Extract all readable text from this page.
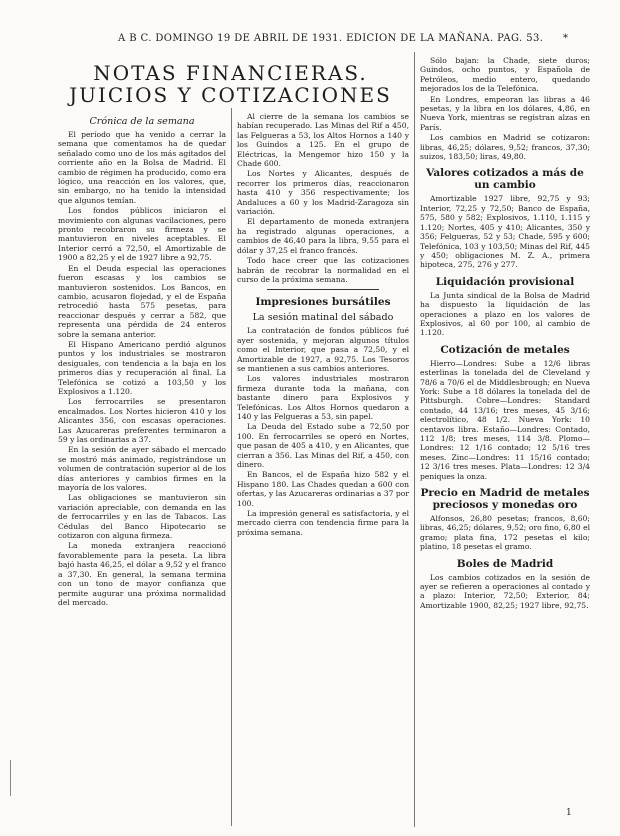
A B C. DOMINGO 19 DE ABRIL DE 1931. EDICION DE LA MAÑANA. PAG. 53. *
NOTAS FINANCIERAS. JUICIOS Y COTIZACIONES
Crónica de la semana

El período que ha venido a cerrar la semana que comentamos ha de quedar señalado como uno de los más agitados del corriente año en la Bolsa de Madrid. El cambio de régimen ha producido, como era lógico, una reacción en los valores, que, sin embargo, no ha tenido la intensidad que algunos temían.

Los fondos públicos iniciaron el movimiento con algunas vacilaciones, pero pronto recobraron su firmeza y se mantuvieron en niveles aceptables. El Interior cerró a 72,50, el Amortizable de 1900 a 82,25 y el de 1927 libre a 92,75.

En el Deuda especial las operaciones fueron escasas y los cambios se mantuvieron sostenidos. Los Bancos, en cambio, acusaron flojedad, y el de España retrocedió hasta 575 pesetas, para reaccionar después y cerrar a 582, que representa una pérdida de 24 enteros sobre la semana anterior.

El Hispano Americano perdió algunos puntos y los industriales se mostraron desiguales, con tendencia a la baja en los primeros días y recuperación al final. La Telefónica se cotizó a 103,50 y los Explosivos a 1.120.

Los ferrocarriles se presentaron encalmados. Los Nortes hicieron 410 y los Alicantes 356, con escasas operaciones. Las Azucareras preferentes terminaron a 59 y las ordinarias a 37.

En la sesión de ayer sábado el mercado se mostró más animado, registrándose un volumen de contratación superior al de los días anteriores y cambios firmes en la mayoría de los valores.

Las obligaciones se mantuvieron sin variación apreciable, con demanda en las de ferrocarriles y en las de Tabacos. Las Cédulas del Banco Hipotecario se cotizaron con alguna firmeza.

La moneda extranjera reaccionó favorablemente para la peseta. La libra bajó hasta 46,25, el dólar a 9,52 y el franco a 37,30. En general, la semana termina con un tono de mayor confianza que permite augurar una próxima normalidad del mercado.

Al cierre de la semana los cambios se habían recuperado. Las Minas del Rif a 450, las Felgueras a 53, los Altos Hornos a 140 y los Guindos a 125. En el grupo de Eléctricas, la Mengemor hizo 150 y la Chade 600.

Los Nortes y Alicantes, después de recorrer los primeros días, reaccionaron hasta 410 y 356 respectivamente; los Andaluces a 60 y los Madrid-Zaragoza sin variación.

El departamento de moneda extranjera ha registrado algunas operaciones, a cambios de 46,40 para la libra, 9,55 para el dólar y 37,25 el franco francés.

Todo hace creer que las cotizaciones habrán de recobrar la normalidad en el curso de la próxima semana.

Impresiones bursátiles
La sesión matinal del sábado

La contratación de fondos públicos fué ayer sostenida, y mejoran algunos títulos como el Interior, que pasa a 72,50, y el Amortizable de 1927, a 92,75. Los Tesoros se mantienen a sus cambios anteriores.

Los valores industriales mostraron firmeza durante toda la mañana, con bastante dinero para Explosivos y Telefónicas. Los Altos Hornos quedaron a 140 y las Felgueras a 53, sin papel.

La Deuda del Estado sube a 72,50 por 100. En ferrocarriles se operó en Nortes, que pasan de 405 a 410, y en Alicantes, que cierran a 356. Las Minas del Rif, a 450, con dinero.

En Bancos, el de España hizo 582 y el Hispano 180. Las Chades quedan a 600 con ofertas, y las Azucareras ordinarias a 37 por 100.

La impresión general es satisfactoria, y el mercado cierra con tendencia firme para la próxima semana.

Sólo bajan: la Chade, siete duros; Guindos, ocho puntos, y Española de Petróleos, medio entero, quedando mejorados los de la Telefónica.

En Londres, empeoran las libras a 46 pesetas, y la libra en los dólares, 4,86, en Nueva York, mientras se registran alzas en París.

Los cambios en Madrid se cotizaron: libras, 46,25; dólares, 9,52; francos, 37,30; suizos, 183,50; liras, 49,80.

Valores cotizados a más de un cambio

Amortizable 1927 libre, 92,75 y 93; Interior, 72,25 y 72,50; Banco de España, 575, 580 y 582; Explosivos, 1.110, 1.115 y 1.120; Nortes, 405 y 410; Alicantes, 350 y 356; Felgueras, 52 y 53; Chade, 595 y 600; Telefónica, 103 y 103,50; Minas del Rif, 445 y 450; obligaciones M. Z. A., primera hipoteca, 275, 276 y 277.

Liquidación provisional

La Junta sindical de la Bolsa de Madrid ha dispuesto la liquidación de las operaciones a plazo en los valores de Explosivos, al 60 por 100, al cambio de 1.120.

Cotización de metales

Hierro—Londres: Sube a 12/6 libras esterlinas la tonelada del de Cleveland y 78/6 a 70/6 el de Middlesbrough; en Nueva York: Sube a 18 dólares la tonelada del de Pittsburgh. Cobre—Londres: Standard contado, 44 13/16; tres meses, 45 3/16; electrolítico, 48 1/2. Nueva York: 10 centavos libra. Estaño—Londres: Contado, 112 1/8; tres meses, 114 3/8. Plomo—Londres: 12 1/16 contado; 12 5/16 tres meses. Zinc—Londres: 11 15/16 contado; 12 3/16 tres meses. Plata—Londres: 12 3/4 peniques la onza.

Precio en Madrid de metales preciosos y monedas oro

Alfonsos, 26,80 pesetas; francos, 8,60; libras, 46,25; dólares, 9,52; oro fino, 6,80 el gramo; plata fina, 172 pesetas el kilo; platino, 18 pesetas el gramo.

Boles de Madrid

Los cambios cotizados en la sesión de ayer se refieren a operaciones al contado y a plazo: Interior, 72,50; Exterior, 84; Amortizable 1900, 82,25; 1927 libre, 92,75.

1
